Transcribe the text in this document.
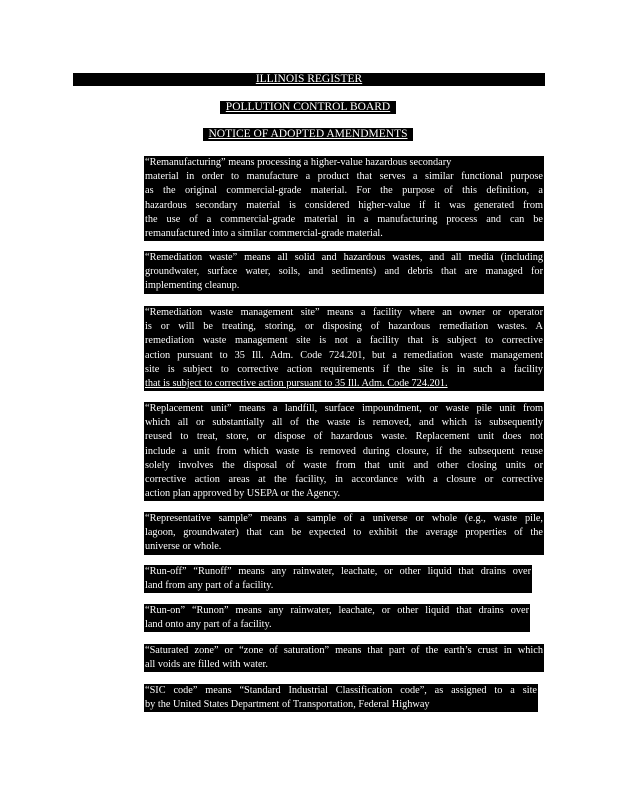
ILLINOIS REGISTER
POLLUTION CONTROL BOARD
NOTICE OF ADOPTED AMENDMENTS
“Remanufacturing” means processing a higher-value hazardous secondary
material in order to manufacture a product that serves a similar functional purpose
as the original commercial-grade material. For the purpose of this definition, a
hazardous secondary material is considered higher-value if it was generated from
the use of a commercial-grade material in a manufacturing process and can be
remanufactured into a similar commercial-grade material.
“Remediation waste” means all solid and hazardous wastes, and all media (including
groundwater, surface water, soils, and sediments) and debris that are managed for
implementing cleanup.
“Remediation waste management site” means a facility where an owner or operator
is or will be treating, storing, or disposing of hazardous remediation wastes. A
remediation waste management site is not a facility that is subject to corrective
action pursuant to 35 Ill. Adm. Code 724.201, but a remediation waste management
site is subject to corrective action requirements if the site is in such a facility
that is subject to corrective action pursuant to 35 Ill. Adm. Code 724.201.
“Replacement unit” means a landfill, surface impoundment, or waste pile unit from
which all or substantially all of the waste is removed, and which is subsequently
reused to treat, store, or dispose of hazardous waste. Replacement unit does not
include a unit from which waste is removed during closure, if the subsequent reuse
solely involves the disposal of waste from that unit and other closing units or
corrective action areas at the facility, in accordance with a closure or corrective
action plan approved by USEPA or the Agency.
“Representative sample” means a sample of a universe or whole (e.g., waste pile,
lagoon, groundwater) that can be expected to exhibit the average properties of the
universe or whole.
“Run-off” “Runoff” means any rainwater, leachate, or other liquid that drains over
land from any part of a facility.
“Run-on” “Runon” means any rainwater, leachate, or other liquid that drains over
land onto any part of a facility.
“Saturated zone” or “zone of saturation” means that part of the earth’s crust in which
all voids are filled with water.
“SIC code” means “Standard Industrial Classification code”, as assigned to a site
by the United States Department of Transportation, Federal Highway
